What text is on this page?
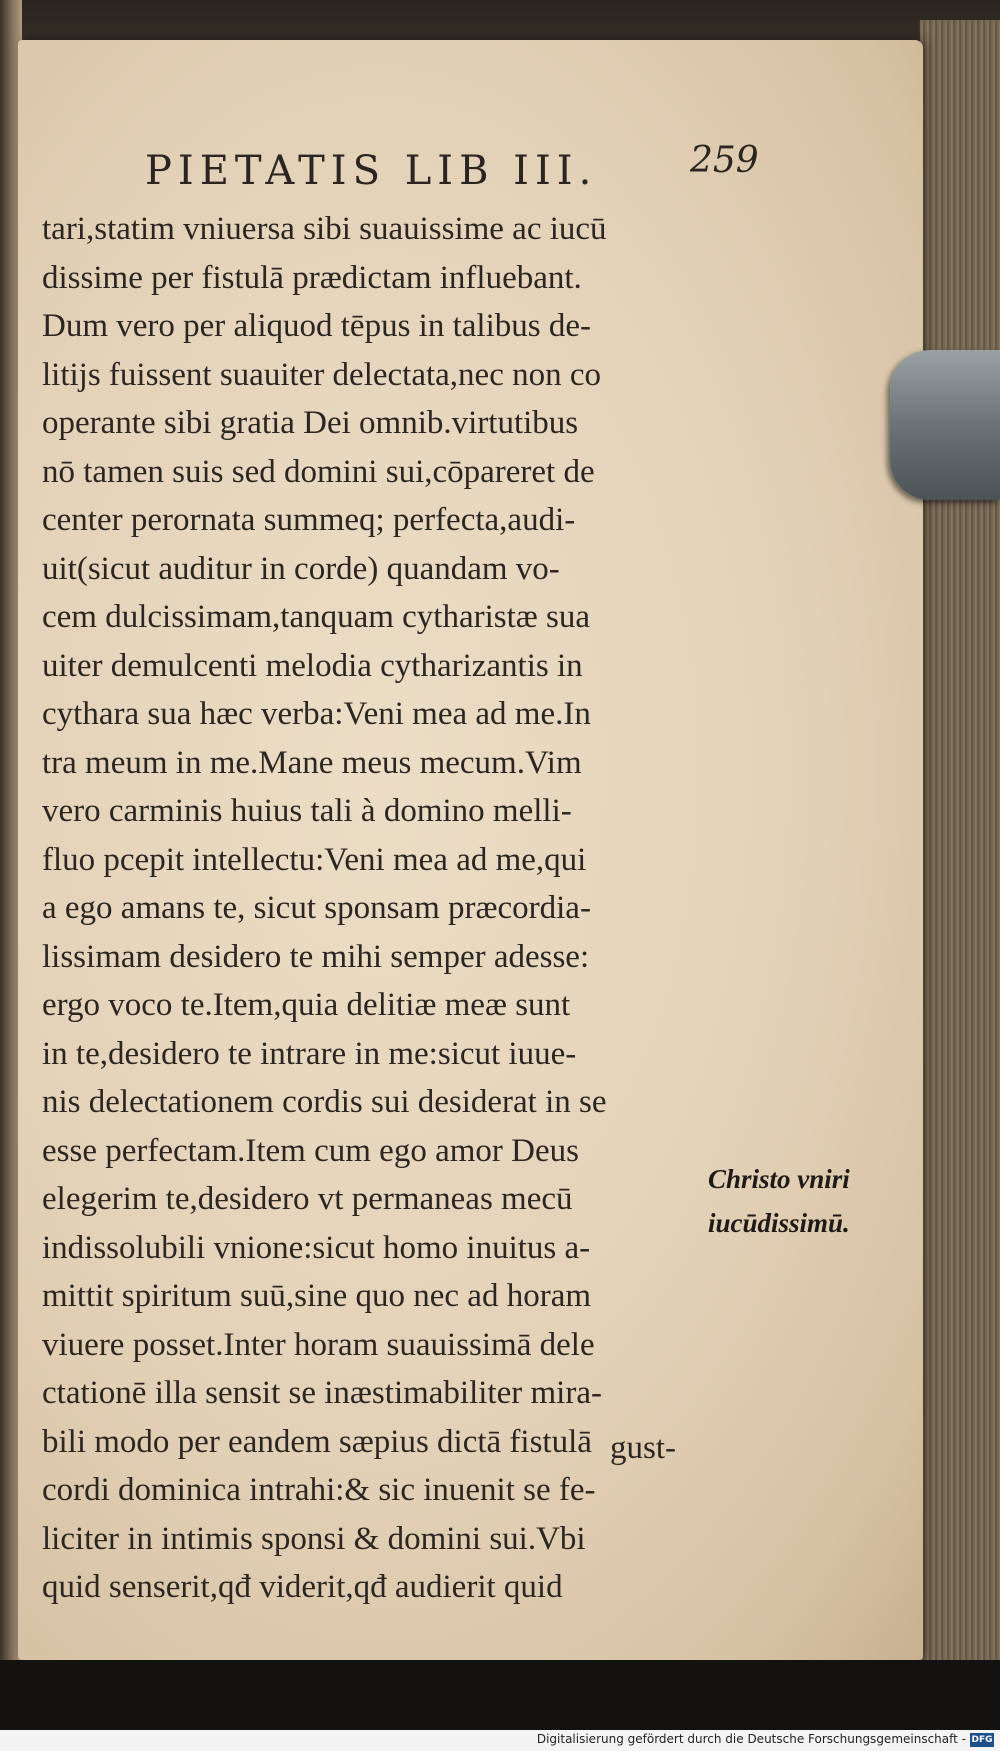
PIETATIS LIB III.	259
tari,statim vniuersa sibi suauissime ac iucū
dissime per fistulā prædictam influebant.
Dum vero per aliquod tēpus in talibus de-
litijs fuissent suauiter delectata,nec non co
operante sibi gratia Dei omnib.virtutibus
nō tamen suis sed domini sui,cōpareret de
center perornata summeq; perfecta,audi-
uit(sicut auditur in corde) quandam vo-
cem dulcissimam,tanquam cytharistæ sua
uiter demulcenti melodia cytharizantis in
cythara sua hæc verba:Veni mea ad me.In
tra meum in me.Mane meus mecum.Vim
vero carminis huius tali à domino melli-
fluo pcepit intellectu:Veni mea ad me,qui
a ego amans te, sicut sponsam præcordia-
lissimam desidero te mihi semper adesse:
ergo voco te.Item,quia delitiæ meæ sunt
in te,desidero te intrare in me:sicut iuue-
nis delectationem cordis sui desiderat in se
esse perfectam.Item cum ego amor Deus
elegerim te,desidero vt permaneas mecū
indissolubili vnione:sicut homo inuitus a-
mittit spiritum suū,sine quo nec ad horam
viuere posset.Inter horam suauissimā dele
ctationē illa sensit se inæstimabiliter mira-
bili modo per eandem sæpius dictā fistulā
cordi dominica intrahi:& sic inuenit se fe-
liciter in intimis sponsi & domini sui.Vbi
quid senserit,qđ viderit,qđ audierit quid
Christo vniri
iucūdissimū.
gust-
Digitalisierung gefördert durch die Deutsche Forschungsgemeinschaft - DFG
